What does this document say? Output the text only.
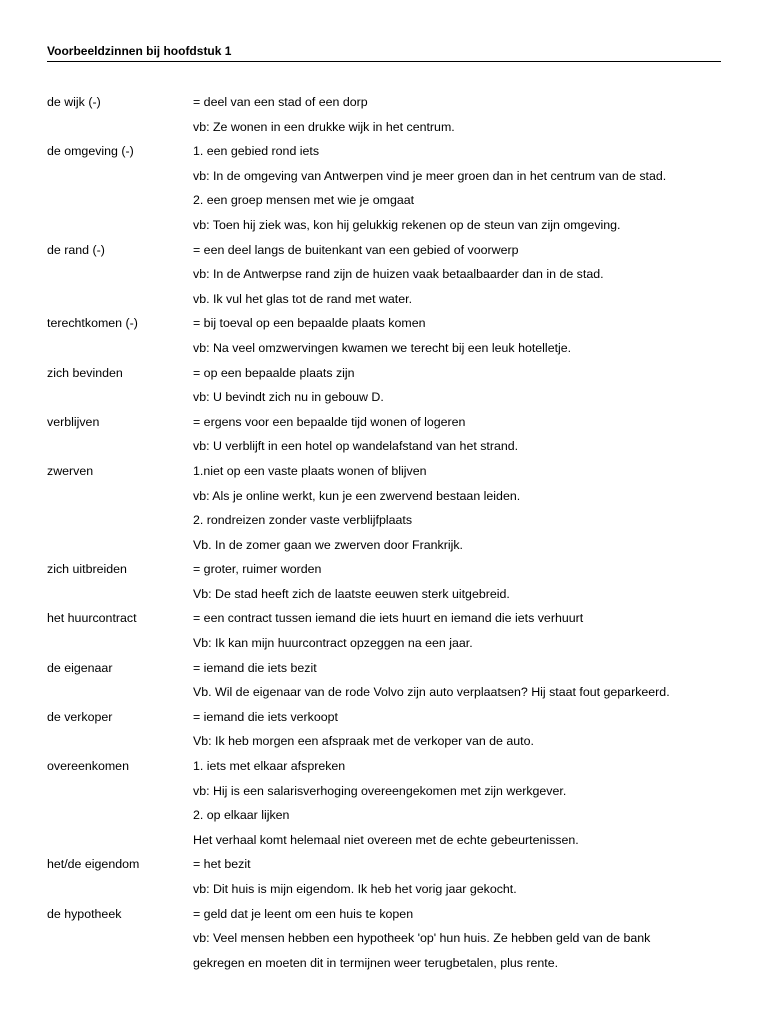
Voorbeeldzinnen bij hoofdstuk 1
de wijk (-)	= deel van een stad of een dorp
vb: Ze wonen in een drukke wijk in het centrum.
de omgeving (-)	1. een gebied rond iets
vb: In de omgeving van Antwerpen vind je meer groen dan in het centrum van de stad.
2. een groep mensen met wie je omgaat
vb: Toen hij ziek was, kon hij gelukkig rekenen op de steun van zijn omgeving.
de rand (-)	= een deel langs de buitenkant van een gebied of voorwerp
vb: In de Antwerpse rand zijn de huizen vaak betaalbaarder dan in de stad.
vb. Ik vul het glas tot de rand met water.
terechtkomen (-)	= bij toeval op een bepaalde plaats komen
vb: Na veel omzwervingen kwamen we terecht bij een leuk hotelletje.
zich bevinden	= op een bepaalde plaats zijn
vb: U bevindt zich nu in gebouw D.
verblijven	= ergens voor een bepaalde tijd wonen of logeren
vb: U verblijft in een hotel op wandelafstand van het strand.
zwerven	1.niet op een vaste plaats wonen of blijven
vb: Als je online werkt, kun je een zwervend bestaan leiden.
2. rondreizen zonder vaste verblijfplaats
Vb. In de zomer gaan we zwerven door Frankrijk.
zich uitbreiden	= groter, ruimer worden
Vb: De stad heeft zich de laatste eeuwen sterk uitgebreid.
het huurcontract	= een contract tussen iemand die iets huurt en iemand die iets verhuurt
Vb: Ik kan mijn huurcontract opzeggen na een jaar.
de eigenaar	= iemand die iets bezit
Vb. Wil de eigenaar van de rode Volvo zijn auto verplaatsen? Hij staat fout geparkeerd.
de verkoper	= iemand die iets verkoopt
Vb: Ik heb morgen een afspraak met de verkoper van de auto.
overeenkomen	1. iets met elkaar afspreken
vb: Hij is een salarisverhoging overeengekomen met zijn werkgever.
2. op elkaar lijken
Het verhaal komt helemaal niet overeen met de echte gebeurtenissen.
het/de eigendom	= het bezit
vb: Dit huis is mijn eigendom. Ik heb het vorig jaar gekocht.
de hypotheek	= geld dat je leent om een huis te kopen
vb: Veel mensen hebben een hypotheek 'op' hun huis. Ze hebben geld van de bank
gekregen en moeten dit in termijnen weer terugbetalen, plus rente.
